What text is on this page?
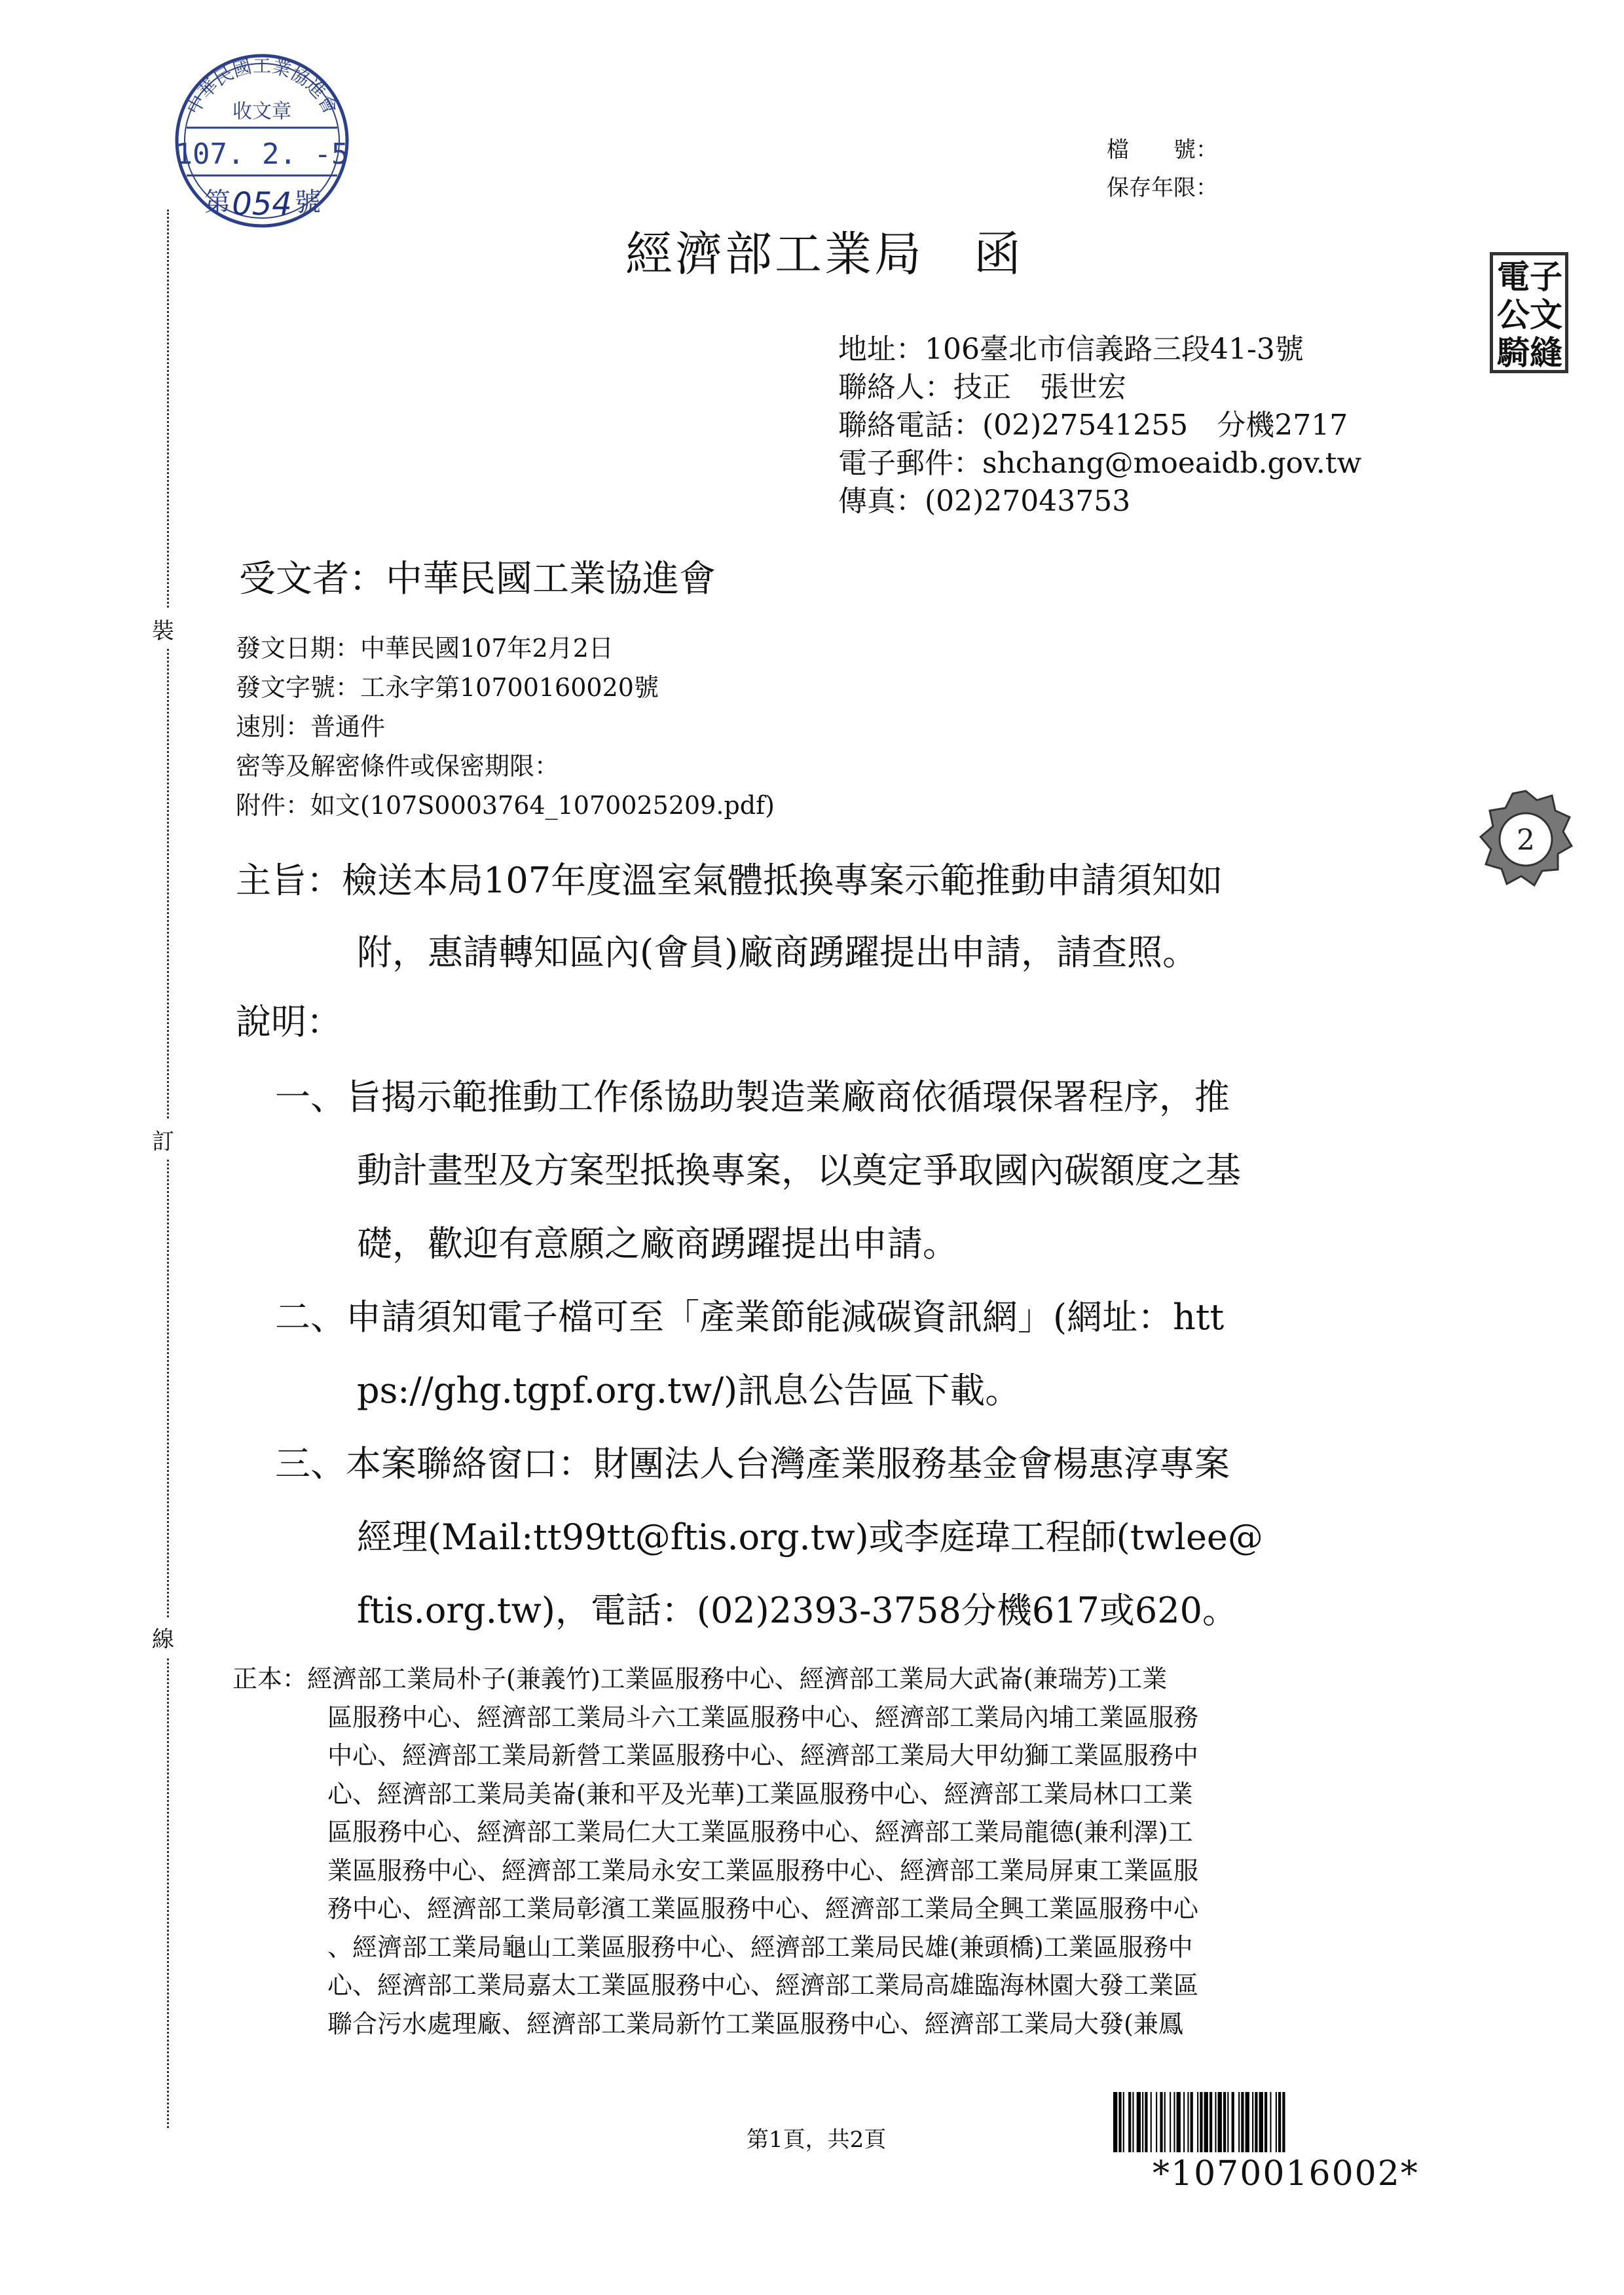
裝
訂
線
中華民國工業協進會
收文章
107. 2. -5
第 054 號
檔　　號：
保存年限：
經濟部工業局　函	電子公文騎縫
地址：106臺北市信義路三段41-3號
聯絡人：技正　張世宏
聯絡電話：(02)27541255　分機2717
電子郵件：shchang@moeaidb.gov.tw
傳真：(02)27043753
受文者：中華民國工業協進會
發文日期：中華民國107年2月2日
發文字號：工永字第10700160020號
速別：普通件
密等及解密條件或保密期限：
附件：如文(107S0003764_1070025209.pdf)
2
主旨：檢送本局107年度溫室氣體抵換專案示範推動申請須知如
附，惠請轉知區內(會員)廠商踴躍提出申請，請查照。
說明：
一、旨揭示範推動工作係協助製造業廠商依循環保署程序，推
動計畫型及方案型抵換專案，以奠定爭取國內碳額度之基
礎，歡迎有意願之廠商踴躍提出申請。
二、申請須知電子檔可至「產業節能減碳資訊網」(網址：htt
ps://ghg.tgpf.org.tw/)訊息公告區下載。
三、本案聯絡窗口：財團法人台灣產業服務基金會楊惠淳專案
經理(Mail:tt99tt@ftis.org.tw)或李庭瑋工程師(twlee@
ftis.org.tw)，電話：(02)2393-3758分機617或620。
正本：經濟部工業局朴子(兼義竹)工業區服務中心、經濟部工業局大武崙(兼瑞芳)工業
區服務中心、經濟部工業局斗六工業區服務中心、經濟部工業局內埔工業區服務
中心、經濟部工業局新營工業區服務中心、經濟部工業局大甲幼獅工業區服務中
心、經濟部工業局美崙(兼和平及光華)工業區服務中心、經濟部工業局林口工業
區服務中心、經濟部工業局仁大工業區服務中心、經濟部工業局龍德(兼利澤)工
業區服務中心、經濟部工業局永安工業區服務中心、經濟部工業局屏東工業區服
務中心、經濟部工業局彰濱工業區服務中心、經濟部工業局全興工業區服務中心
、經濟部工業局龜山工業區服務中心、經濟部工業局民雄(兼頭橋)工業區服務中
心、經濟部工業局嘉太工業區服務中心、經濟部工業局高雄臨海林園大發工業區
聯合污水處理廠、經濟部工業局新竹工業區服務中心、經濟部工業局大發(兼鳳
第1頁，共2頁
*1070016002*
